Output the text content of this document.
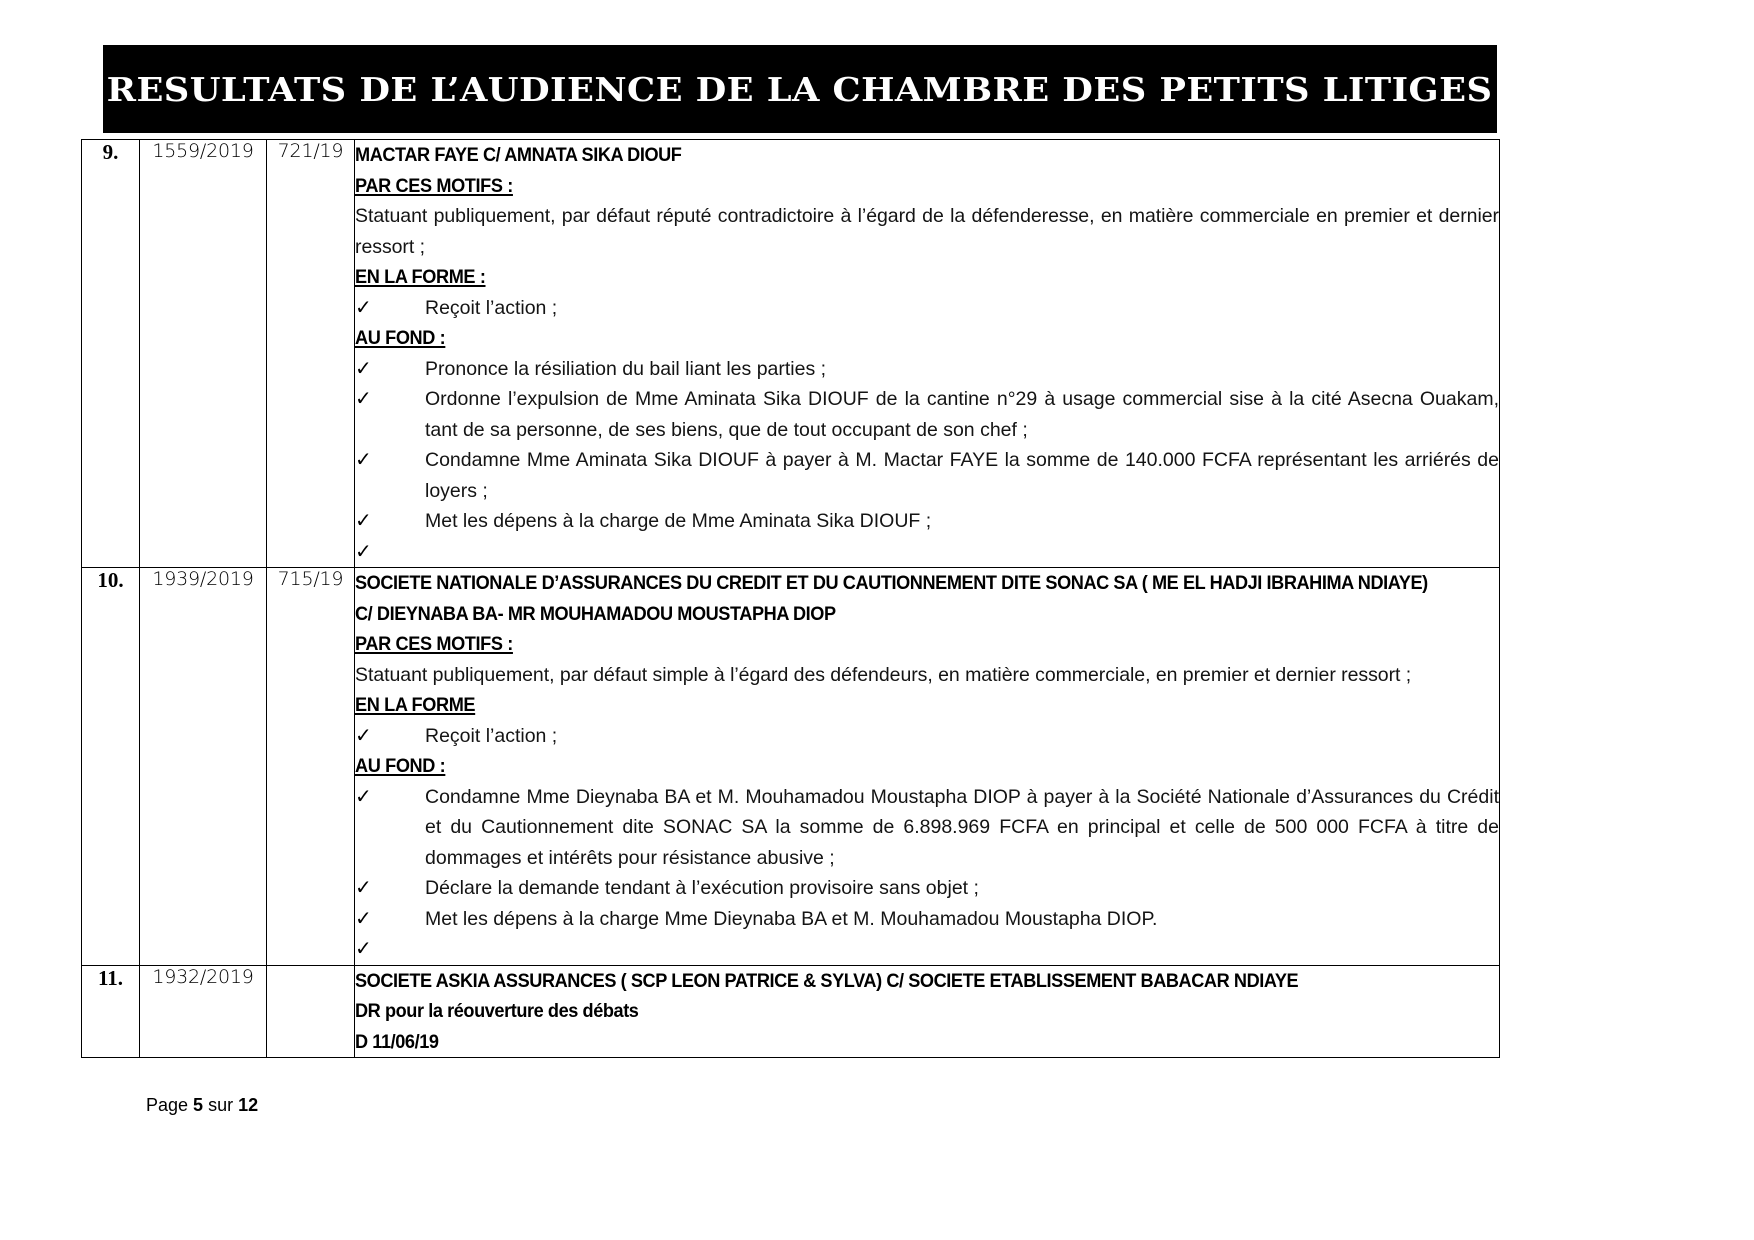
RESULTATS DE L’AUDIENCE DE LA CHAMBRE DES PETITS LITIGES
9.	1559/2019	721/19	MACTAR FAYE C/ AMNATA SIKA DIOUF
PAR CES MOTIFS :
Statuant publiquement, par défaut réputé contradictoire à l’égard de la défenderesse, en matière commerciale en premier et dernier ressort ;
EN LA FORME :
✓	Reçoit l’action ;
AU FOND :
✓	Prononce la résiliation du bail liant les parties ;
✓	Ordonne l’expulsion de Mme Aminata Sika DIOUF de la cantine n°29 à usage commercial sise à la cité Asecna Ouakam, tant de sa personne, de ses biens, que de tout occupant de son chef ;
✓	Condamne Mme Aminata Sika DIOUF à payer à M. Mactar FAYE la somme de 140.000 FCFA représentant les arriérés de loyers ;
✓	Met les dépens à la charge de Mme Aminata Sika DIOUF ;
✓

10.	1939/2019	715/19	SOCIETE NATIONALE D’ASSURANCES DU CREDIT ET DU CAUTIONNEMENT DITE SONAC SA ( ME EL HADJI IBRAHIMA NDIAYE)
C/ DIEYNABA BA- MR MOUHAMADOU MOUSTAPHA DIOP
PAR CES MOTIFS :
Statuant publiquement, par défaut simple à l’égard des défendeurs, en matière commerciale, en premier et dernier ressort ;
EN LA FORME
✓	Reçoit l’action ;
AU FOND :
✓	Condamne Mme Dieynaba BA et M. Mouhamadou Moustapha DIOP à payer à la Société Nationale d’Assurances du Crédit et du Cautionnement dite SONAC SA la somme de 6.898.969 FCFA en principal et celle de 500 000 FCFA à titre de dommages et intérêts pour résistance abusive ;
✓	Déclare la demande tendant à l’exécution provisoire sans objet ;
✓	Met les dépens à la charge Mme Dieynaba BA et M. Mouhamadou Moustapha DIOP.
✓

11.	1932/2019		SOCIETE ASKIA ASSURANCES ( SCP LEON PATRICE & SYLVA) C/ SOCIETE ETABLISSEMENT BABACAR NDIAYE
DR pour la réouverture des débats
D 11/06/19
Page 5 sur 12
